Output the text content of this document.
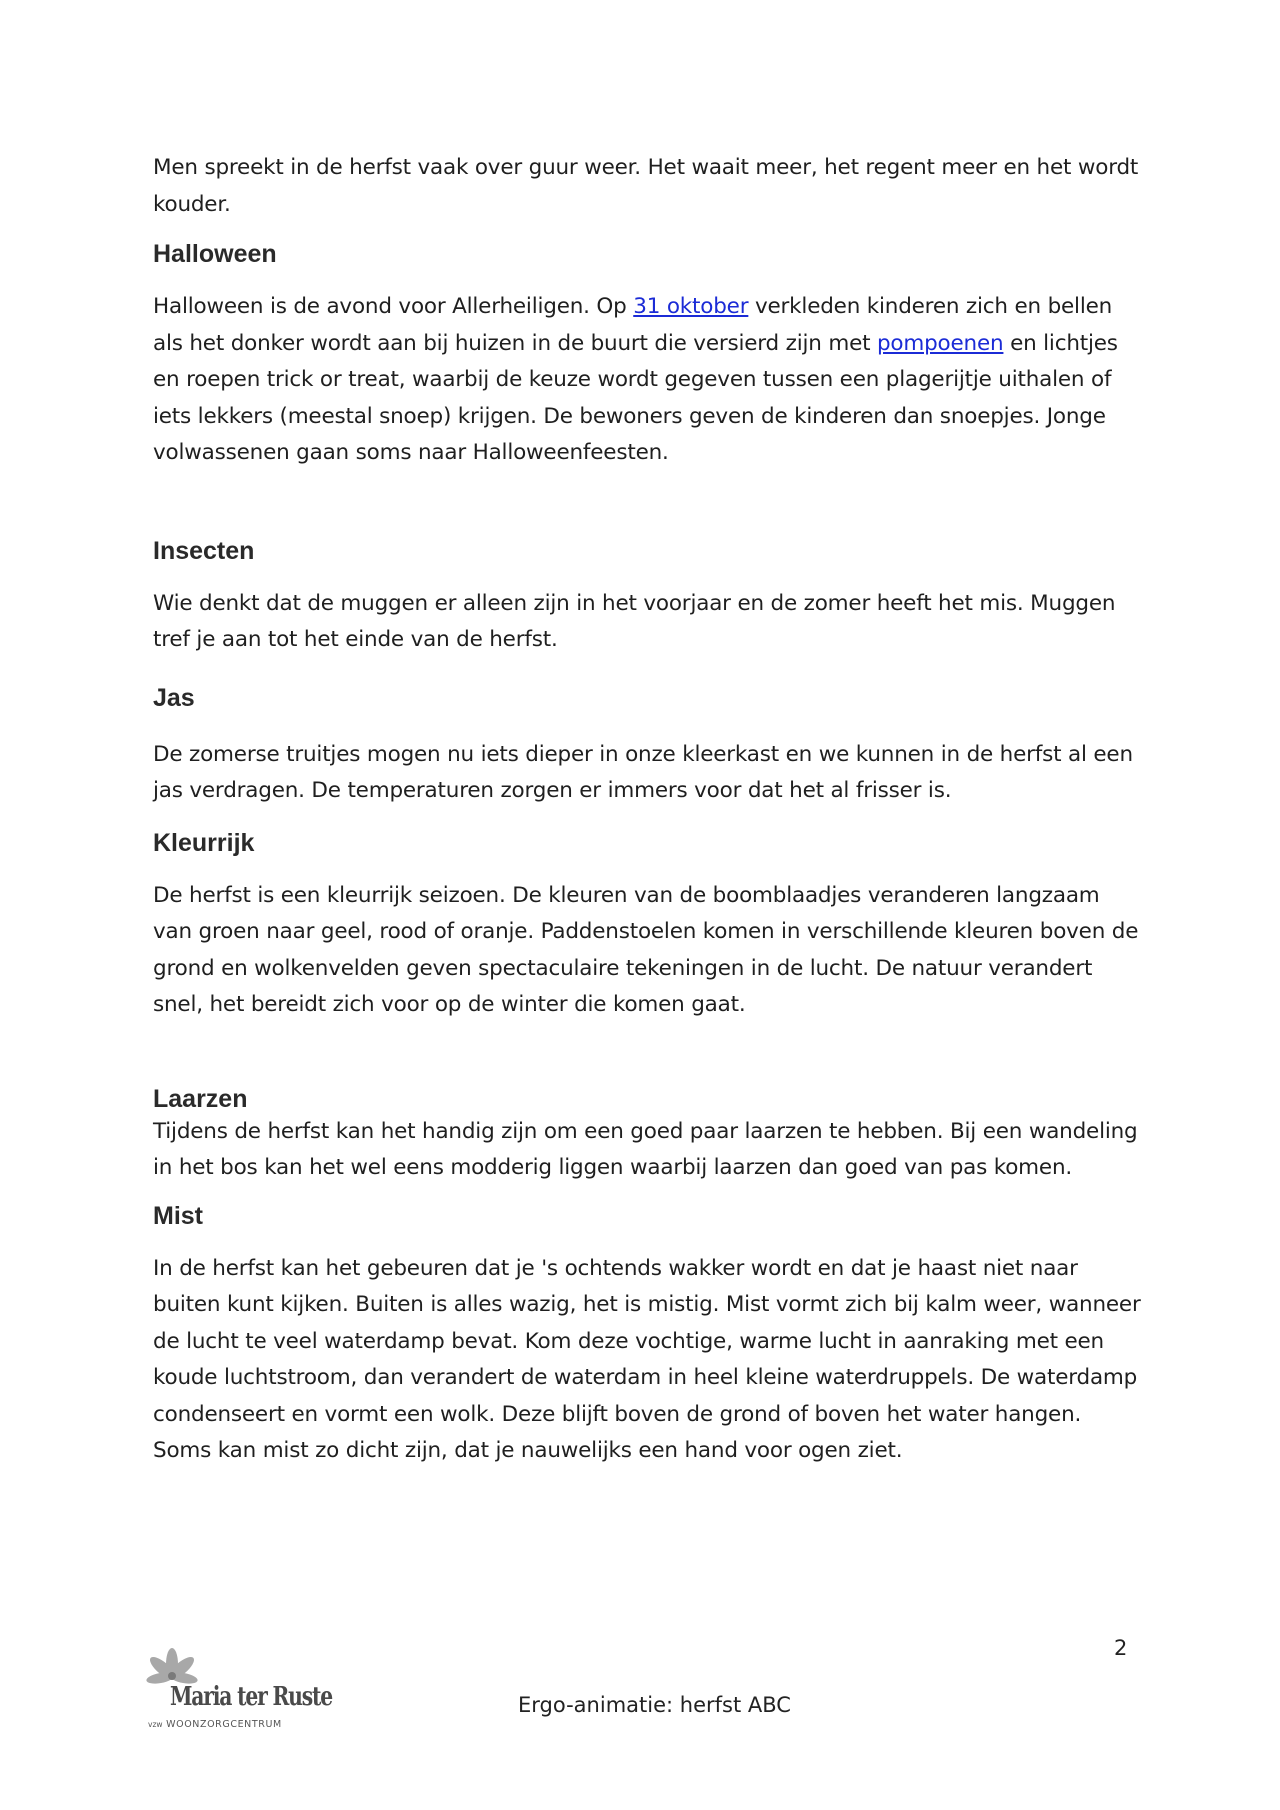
Men spreekt in de herfst vaak over guur weer. Het waait meer, het regent meer en het wordt kouder.

Halloween

Halloween is de avond voor Allerheiligen. Op 31 oktober verkleden kinderen zich en bellen als het donker wordt aan bij huizen in de buurt die versierd zijn met pompoenen en lichtjes en roepen trick or treat, waarbij de keuze wordt gegeven tussen een plagerijtje uithalen of iets lekkers (meestal snoep) krijgen. De bewoners geven de kinderen dan snoepjes. Jonge volwassenen gaan soms naar Halloweenfeesten.

Insecten

Wie denkt dat de muggen er alleen zijn in het voorjaar en de zomer heeft het mis. Muggen tref je aan tot het einde van de herfst.

Jas

De zomerse truitjes mogen nu iets dieper in onze kleerkast en we kunnen in de herfst al een jas verdragen. De temperaturen zorgen er immers voor dat het al frisser is.

Kleurrijk

De herfst is een kleurrijk seizoen. De kleuren van de boomblaadjes veranderen langzaam van groen naar geel, rood of oranje. Paddenstoelen komen in verschillende kleuren boven de grond en wolkenvelden geven spectaculaire tekeningen in de lucht. De natuur verandert snel, het bereidt zich voor op de winter die komen gaat.

Laarzen

Tijdens de herfst kan het handig zijn om een goed paar laarzen te hebben. Bij een wandeling in het bos kan het wel eens modderig liggen waarbij laarzen dan goed van pas komen.

Mist

In de herfst kan het gebeuren dat je 's ochtends wakker wordt en dat je haast niet naar buiten kunt kijken. Buiten is alles wazig, het is mistig. Mist vormt zich bij kalm weer, wanneer de lucht te veel waterdamp bevat. Kom deze vochtige, warme lucht in aanraking met een koude luchtstroom, dan verandert de waterdam in heel kleine waterdruppels. De waterdamp condenseert en vormt een wolk. Deze blijft boven de grond of boven het water hangen. Soms kan mist zo dicht zijn, dat je nauwelijks een hand voor ogen ziet.

2
Maria ter Ruste
vzw WOONZORGCENTRUM
Ergo-animatie: herfst ABC
